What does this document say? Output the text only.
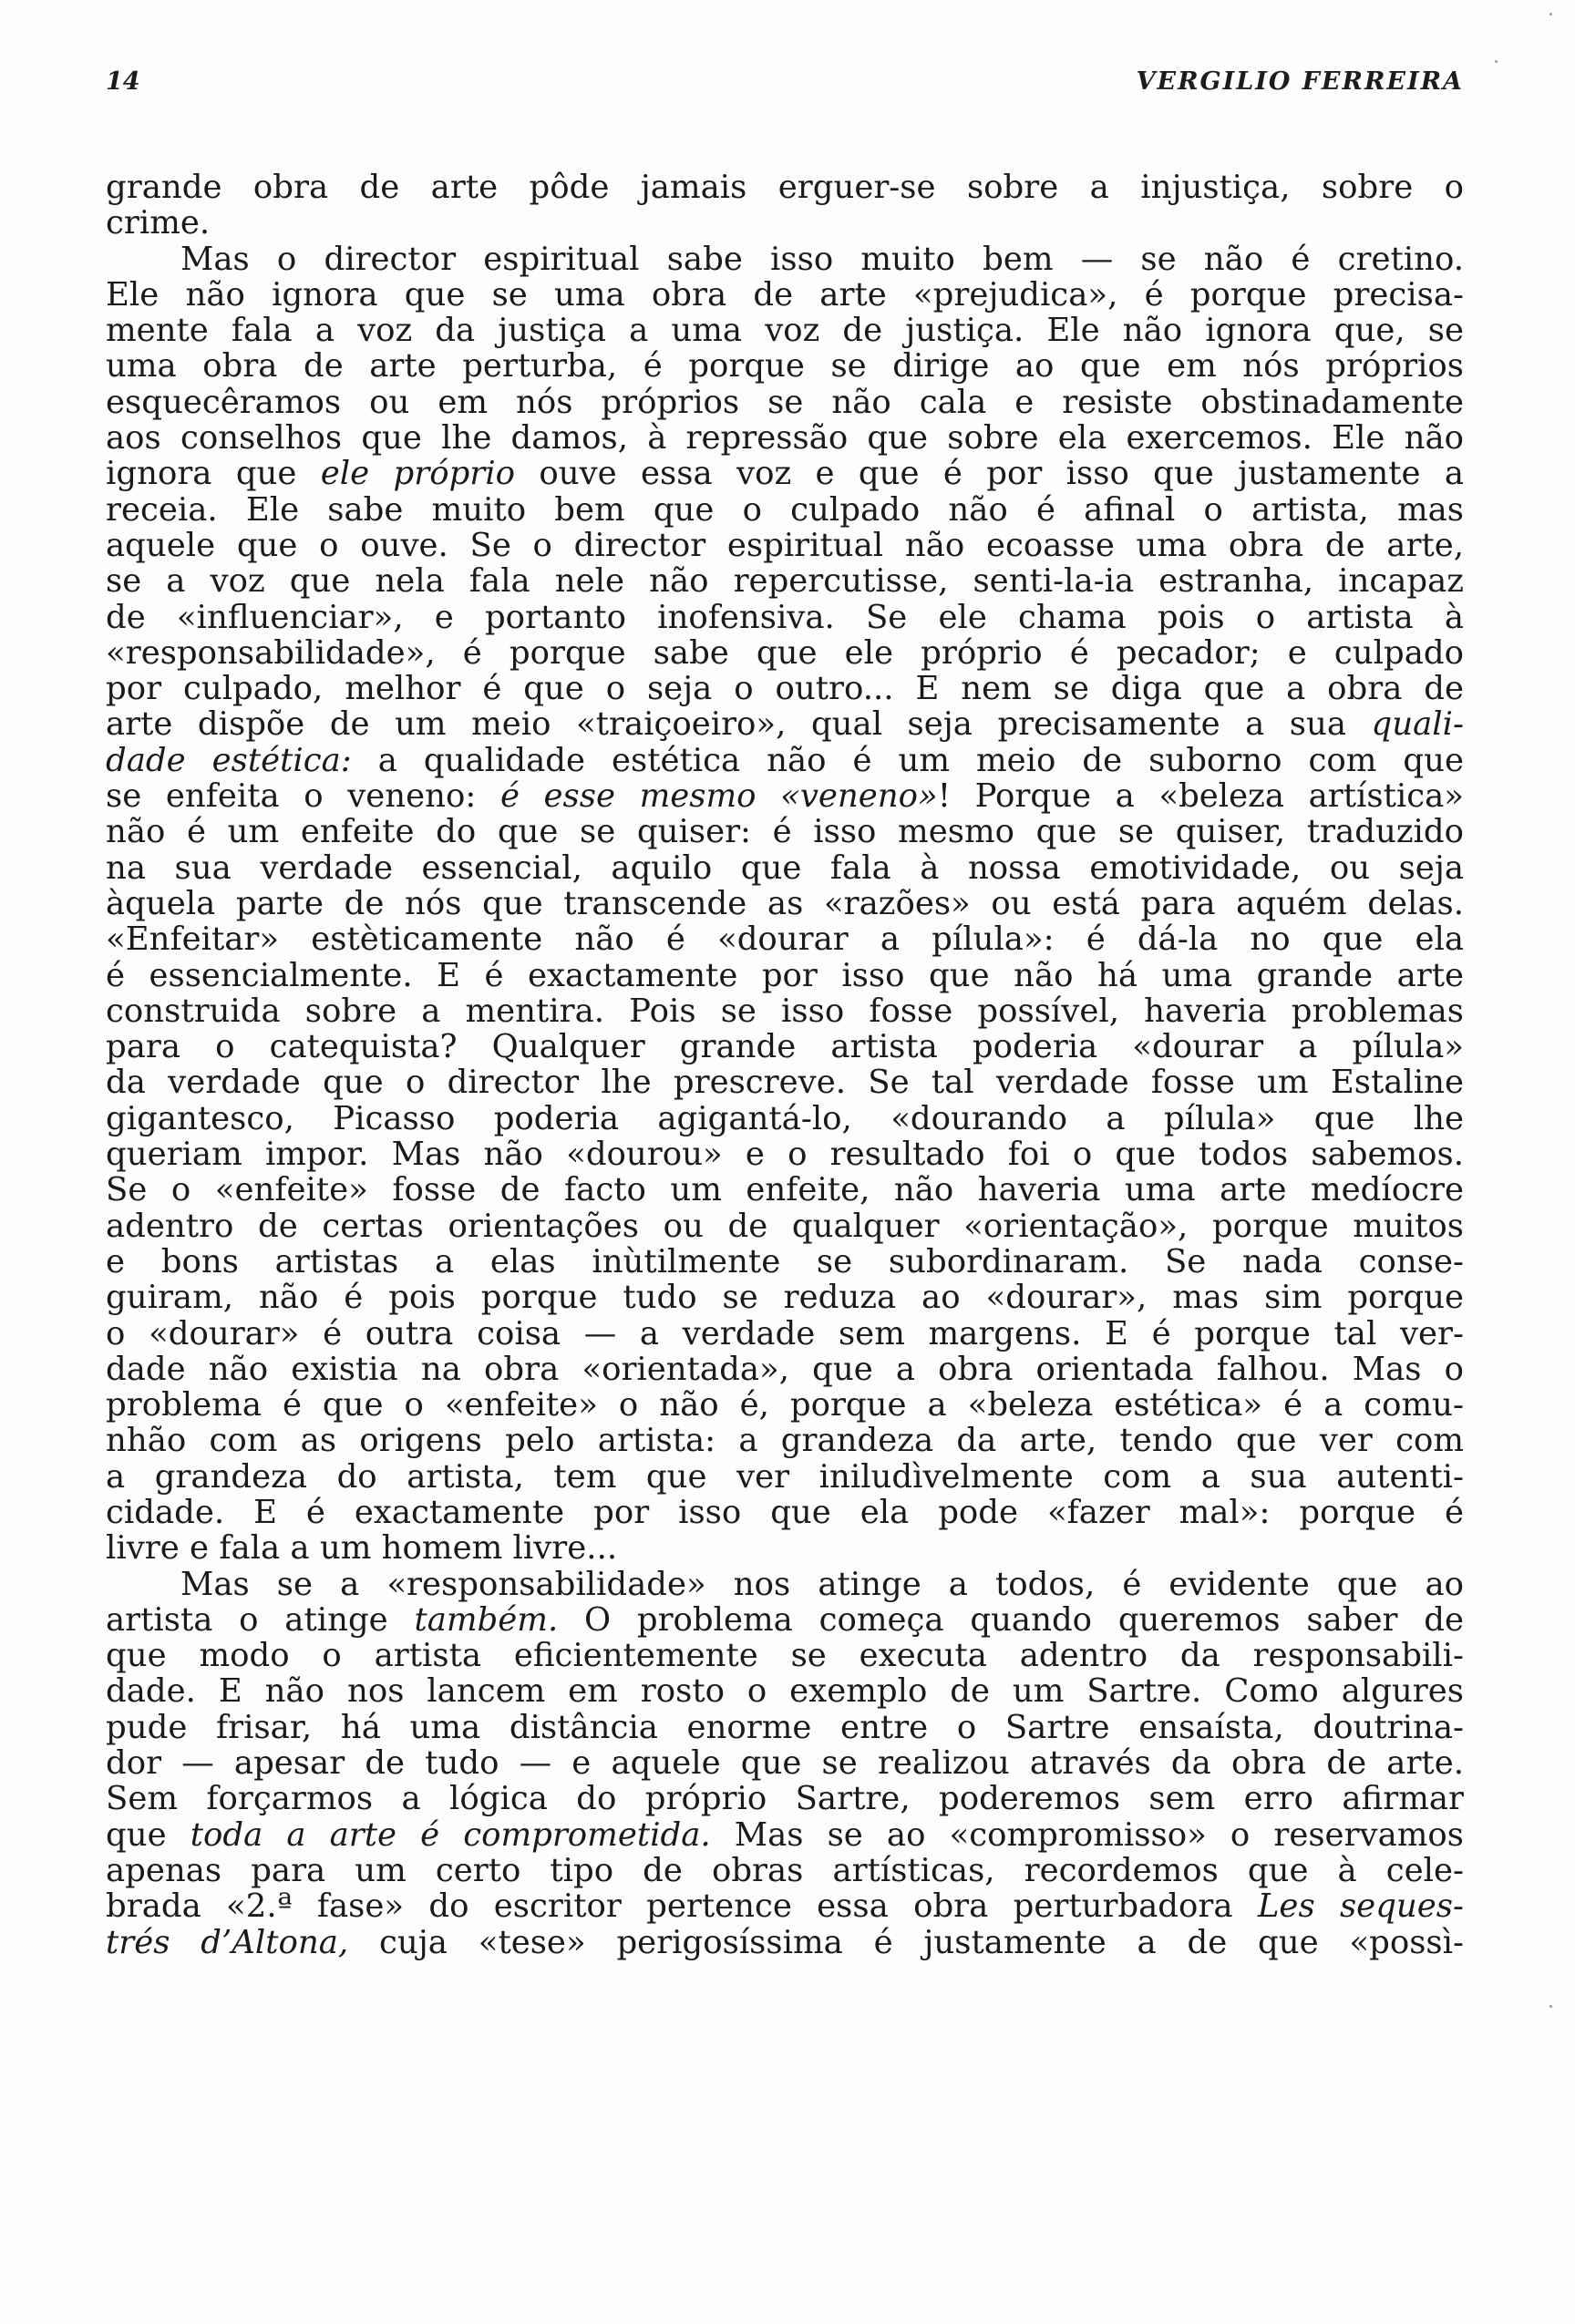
14	VERGILIO FERREIRA
grande obra de arte pôde jamais erguer-se sobre a injustiça, sobre o
crime.
Mas o director espiritual sabe isso muito bem — se não é cretino.
Ele não ignora que se uma obra de arte «prejudica», é porque precisa-
mente fala a voz da justiça a uma voz de justiça. Ele não ignora que, se
uma obra de arte perturba, é porque se dirige ao que em nós próprios
esquecêramos ou em nós próprios se não cala e resiste obstinadamente
aos conselhos que lhe damos, à repressão que sobre ela exercemos. Ele não
ignora que ele próprio ouve essa voz e que é por isso que justamente a
receia. Ele sabe muito bem que o culpado não é afinal o artista, mas
aquele que o ouve. Se o director espiritual não ecoasse uma obra de arte,
se a voz que nela fala nele não repercutisse, senti-la-ia estranha, incapaz
de «influenciar», e portanto inofensiva. Se ele chama pois o artista à
«responsabilidade», é porque sabe que ele próprio é pecador; e culpado
por culpado, melhor é que o seja o outro... E nem se diga que a obra de
arte dispõe de um meio «traiçoeiro», qual seja precisamente a sua quali-
dade estética: a qualidade estética não é um meio de suborno com que
se enfeita o veneno: é esse mesmo «veneno»! Porque a «beleza artística»
não é um enfeite do que se quiser: é isso mesmo que se quiser, traduzido
na sua verdade essencial, aquilo que fala à nossa emotividade, ou seja
àquela parte de nós que transcende as «razões» ou está para aquém delas.
«Enfeitar» estèticamente não é «dourar a pílula»: é dá-la no que ela
é essencialmente. E é exactamente por isso que não há uma grande arte
construida sobre a mentira. Pois se isso fosse possível, haveria problemas
para o catequista? Qualquer grande artista poderia «dourar a pílula»
da verdade que o director lhe prescreve. Se tal verdade fosse um Estaline
gigantesco, Picasso poderia agigantá-lo, «dourando a pílula» que lhe
queriam impor. Mas não «dourou» e o resultado foi o que todos sabemos.
Se o «enfeite» fosse de facto um enfeite, não haveria uma arte medíocre
adentro de certas orientações ou de qualquer «orientação», porque muitos
e bons artistas a elas inùtilmente se subordinaram. Se nada conse-
guiram, não é pois porque tudo se reduza ao «dourar», mas sim porque
o «dourar» é outra coisa — a verdade sem margens. E é porque tal ver-
dade não existia na obra «orientada», que a obra orientada falhou. Mas o
problema é que o «enfeite» o não é, porque a «beleza estética» é a comu-
nhão com as origens pelo artista: a grandeza da arte, tendo que ver com
a grandeza do artista, tem que ver iniludìvelmente com a sua autenti-
cidade. E é exactamente por isso que ela pode «fazer mal»: porque é
livre e fala a um homem livre...
Mas se a «responsabilidade» nos atinge a todos, é evidente que ao
artista o atinge também. O problema começa quando queremos saber de
que modo o artista eficientemente se executa adentro da responsabili-
dade. E não nos lancem em rosto o exemplo de um Sartre. Como algures
pude frisar, há uma distância enorme entre o Sartre ensaísta, doutrina-
dor — apesar de tudo — e aquele que se realizou através da obra de arte.
Sem forçarmos a lógica do próprio Sartre, poderemos sem erro afirmar
que toda a arte é comprometida. Mas se ao «compromisso» o reservamos
apenas para um certo tipo de obras artísticas, recordemos que à cele-
brada «2.ª fase» do escritor pertence essa obra perturbadora Les seques-
trés d’Altona, cuja «tese» perigosíssima é justamente a de que «possì-
